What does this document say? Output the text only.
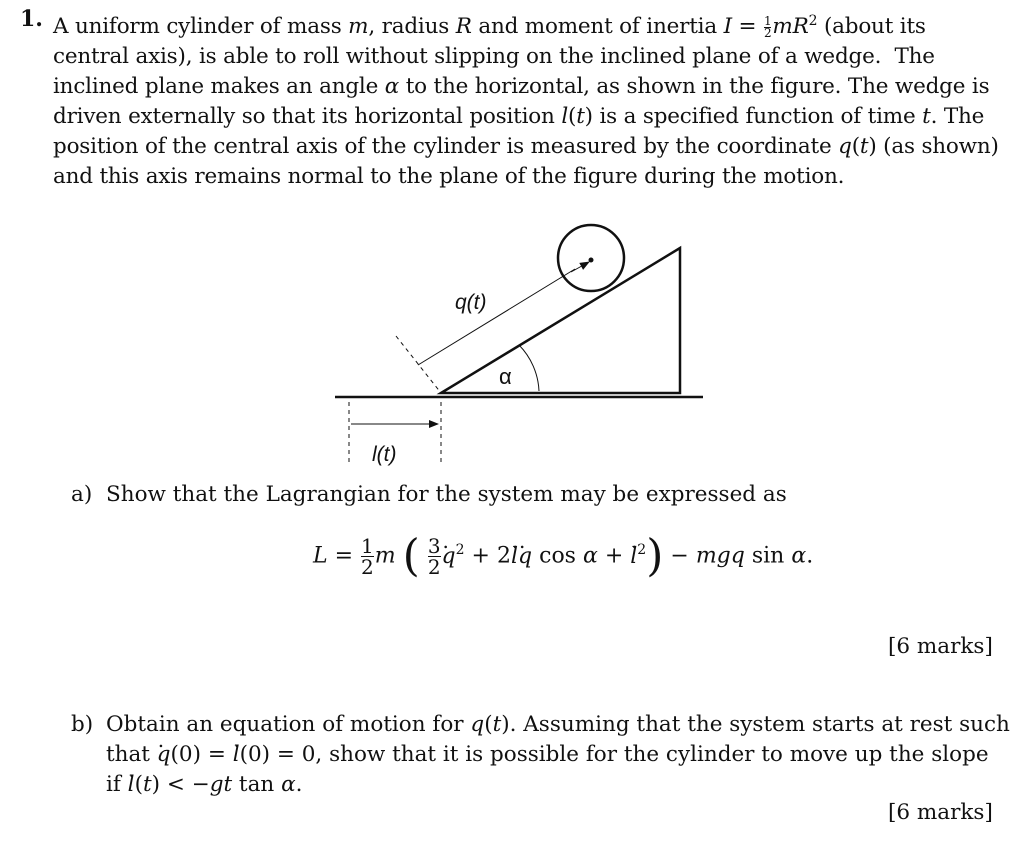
1. A uniform cylinder of mass m, radius R and moment of inertia $I = \frac{1}{2} mR^2$ (about its
central axis), is able to roll without slipping on the inclined plane of a wedge.  The
inclined plane makes an angle α to the horizontal, as shown in the figure. The wedge is
driven externally so that its horizontal position l(t) is a specified function of time t. The
position of the central axis of the cylinder is measured by the coordinate q(t) (as shown)
and this axis remains normal to the plane of the figure during the motion.
q(t)
α
l(t)
a) Show that the Lagrangian for the system may be expressed as
$L = \frac{1}{2}$ m ( $\frac{3}{2}$
. $q^2 + 2$. l. q cos α + . $l^2$) − mgq sin α.
[6 marks]
b) Obtain an equation of motion for q(t). Assuming that the system starts at rest such
that . q(0) = . l(0) = 0, show that it is possible for the cylinder to move up the slope
if . l(t) < −gt tan α.
[6 marks]
